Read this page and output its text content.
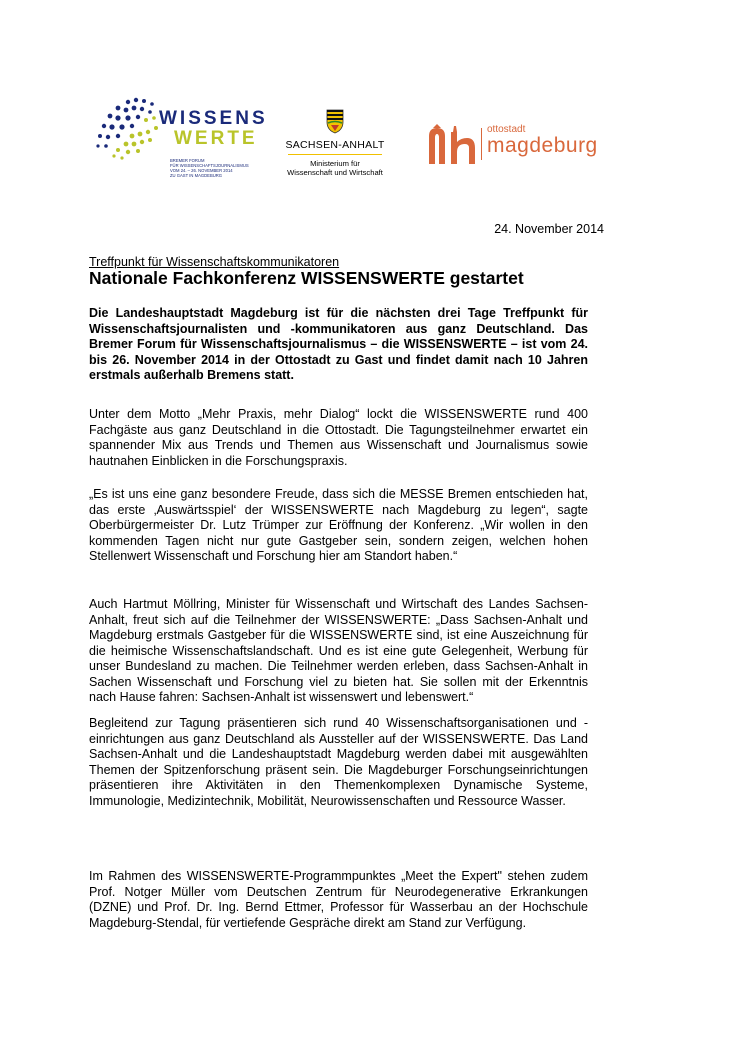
WISSENS
WERTE
BREMER FORUM
FÜR WISSENSCHAFTSJOURNALISMUS
VOM 24. – 26. NOVEMBER 2014
ZU GAST IN MAGDEBURG
SACHSEN-ANHALT
Ministerium für
Wissenschaft und Wirtschaft
ottostadt
magdeburg
24. November 2014
Treffpunkt für Wissenschaftskommunikatoren
Nationale Fachkonferenz WISSENSWERTE gestartet
Die Landeshauptstadt Magdeburg ist für die nächsten drei Tage Treffpunkt für Wissenschaftsjournalisten und -kommunikatoren aus ganz Deutschland. Das Bremer Forum für Wissenschaftsjournalismus – die WISSENSWERTE – ist vom 24. bis 26. November 2014 in der Ottostadt zu Gast und findet damit nach 10 Jahren erstmals außerhalb Bremens statt.
Unter dem Motto „Mehr Praxis, mehr Dialog“ lockt die WISSENSWERTE rund 400 Fachgäste aus ganz Deutschland in die Ottostadt. Die Tagungsteilnehmer erwartet ein spannender Mix aus Trends und Themen aus Wissenschaft und Journalismus sowie hautnahen Einblicken in die Forschungspraxis.
„Es ist uns eine ganz besondere Freude, dass sich die MESSE Bremen entschieden hat, das erste ‚Auswärtsspiel‘ der WISSENSWERTE nach Magdeburg zu legen“, sagte Oberbürgermeister Dr. Lutz Trümper zur Eröffnung der Konferenz. „Wir wollen in den kommenden Tagen nicht nur gute Gastgeber sein, sondern zeigen, welchen hohen Stellenwert Wissenschaft und Forschung hier am Standort haben.“
Auch Hartmut Möllring, Minister für Wissenschaft und Wirtschaft des Landes Sachsen-Anhalt, freut sich auf die Teilnehmer der WISSENSWERTE: „Dass Sachsen-Anhalt und Magdeburg erstmals Gastgeber für die WISSENSWERTE sind, ist eine Auszeichnung für die heimische Wissenschaftslandschaft. Und es ist eine gute Gelegenheit, Werbung für unser Bundesland zu machen. Die Teilnehmer werden erleben, dass Sachsen-Anhalt in Sachen Wissenschaft und Forschung viel zu bieten hat. Sie sollen mit der Erkenntnis nach Hause fahren: Sachsen-Anhalt ist wissenswert und lebenswert.“
Begleitend zur Tagung präsentieren sich rund 40 Wissenschaftsorganisationen und -einrichtungen aus ganz Deutschland als Aussteller auf der WISSENSWERTE. Das Land Sachsen-Anhalt und die Landeshauptstadt Magdeburg werden dabei mit ausgewählten Themen der Spitzenforschung präsent sein. Die Magdeburger Forschungseinrichtungen präsentieren ihre Aktivitäten in den Themenkomplexen Dynamische Systeme, Immunologie, Medizintechnik, Mobilität, Neurowissenschaften und Ressource Wasser.
Im Rahmen des WISSENSWERTE-Programmpunktes „Meet the Expert" stehen zudem Prof. Notger Müller vom Deutschen Zentrum für Neurodegenerative Erkrankungen (DZNE) und Prof. Dr. Ing. Bernd Ettmer, Professor für Wasserbau an der Hochschule Magdeburg-Stendal, für vertiefende Gespräche direkt am Stand zur Verfügung.
